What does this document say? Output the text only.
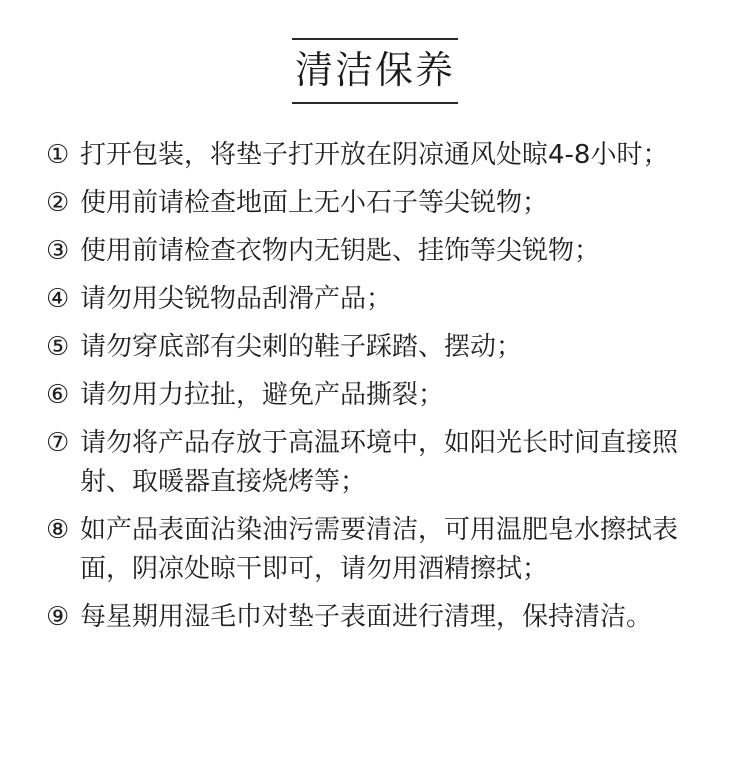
清洁保养
① 打开包装，将垫子打开放在阴凉通风处晾4-8小时；
② 使用前请检查地面上无小石子等尖锐物；
③ 使用前请检查衣物内无钥匙、挂饰等尖锐物；
④ 请勿用尖锐物品刮滑产品；
⑤ 请勿穿底部有尖刺的鞋子踩踏、摆动；
⑥ 请勿用力拉扯，避免产品撕裂；
⑦ 请勿将产品存放于高温环境中，如阳光长时间直接照射、取暖器直接烧烤等；
⑧ 如产品表面沾染油污需要清洁，可用温肥皂水擦拭表面，阴凉处晾干即可，请勿用酒精擦拭；
⑨ 每星期用湿毛巾对垫子表面进行清理，保持清洁。
